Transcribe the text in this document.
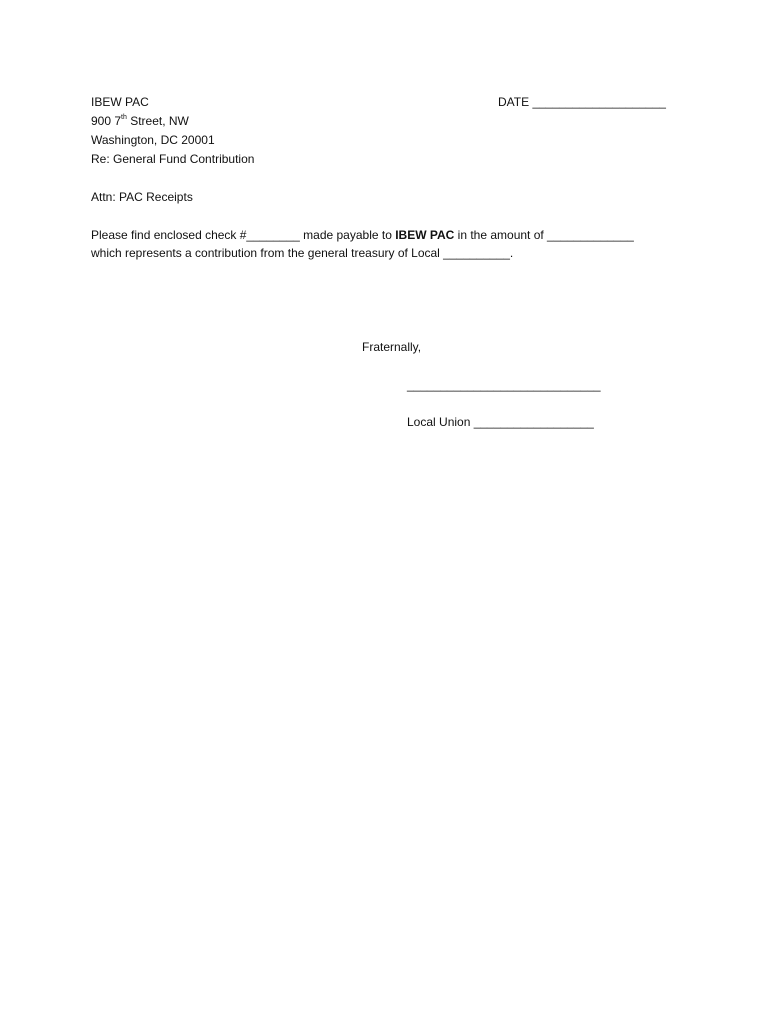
IBEW PAC	DATE ____________________
900 7th Street, NW
Washington, DC 20001
Re: General Fund Contribution
Attn: PAC Receipts
Please find enclosed check #________ made payable to IBEW PAC in the amount of _____________
which represents a contribution from the general treasury of Local __________.
Fraternally,
_____________________________
Local Union __________________
